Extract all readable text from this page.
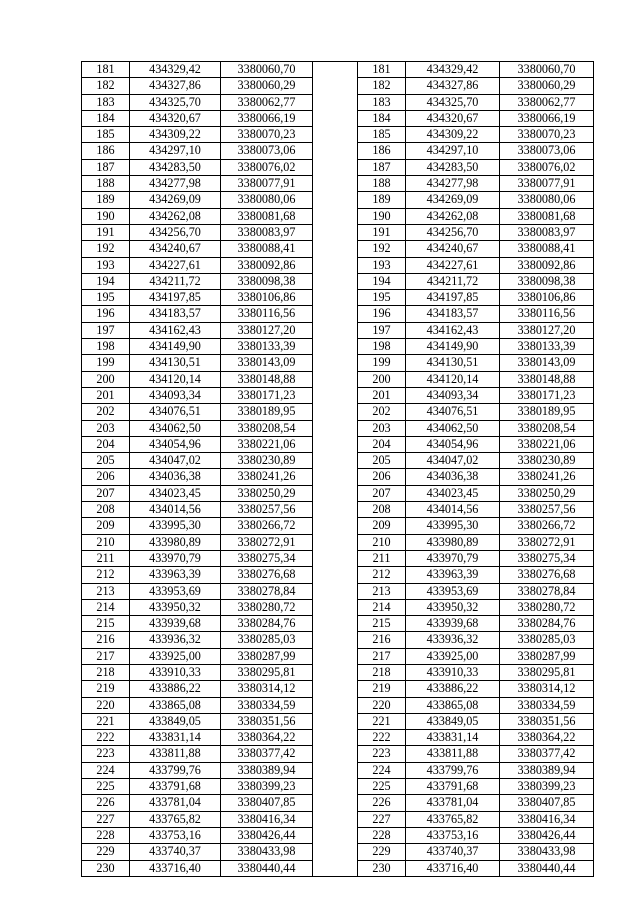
181	434329,42	3380060,70		181	434329,42	3380060,70
182	434327,86	3380060,29		182	434327,86	3380060,29
183	434325,70	3380062,77		183	434325,70	3380062,77
184	434320,67	3380066,19		184	434320,67	3380066,19
185	434309,22	3380070,23		185	434309,22	3380070,23
186	434297,10	3380073,06		186	434297,10	3380073,06
187	434283,50	3380076,02		187	434283,50	3380076,02
188	434277,98	3380077,91		188	434277,98	3380077,91
189	434269,09	3380080,06		189	434269,09	3380080,06
190	434262,08	3380081,68		190	434262,08	3380081,68
191	434256,70	3380083,97		191	434256,70	3380083,97
192	434240,67	3380088,41		192	434240,67	3380088,41
193	434227,61	3380092,86		193	434227,61	3380092,86
194	434211,72	3380098,38		194	434211,72	3380098,38
195	434197,85	3380106,86		195	434197,85	3380106,86
196	434183,57	3380116,56		196	434183,57	3380116,56
197	434162,43	3380127,20		197	434162,43	3380127,20
198	434149,90	3380133,39		198	434149,90	3380133,39
199	434130,51	3380143,09		199	434130,51	3380143,09
200	434120,14	3380148,88		200	434120,14	3380148,88
201	434093,34	3380171,23		201	434093,34	3380171,23
202	434076,51	3380189,95		202	434076,51	3380189,95
203	434062,50	3380208,54		203	434062,50	3380208,54
204	434054,96	3380221,06		204	434054,96	3380221,06
205	434047,02	3380230,89		205	434047,02	3380230,89
206	434036,38	3380241,26		206	434036,38	3380241,26
207	434023,45	3380250,29		207	434023,45	3380250,29
208	434014,56	3380257,56		208	434014,56	3380257,56
209	433995,30	3380266,72		209	433995,30	3380266,72
210	433980,89	3380272,91		210	433980,89	3380272,91
211	433970,79	3380275,34		211	433970,79	3380275,34
212	433963,39	3380276,68		212	433963,39	3380276,68
213	433953,69	3380278,84		213	433953,69	3380278,84
214	433950,32	3380280,72		214	433950,32	3380280,72
215	433939,68	3380284,76		215	433939,68	3380284,76
216	433936,32	3380285,03		216	433936,32	3380285,03
217	433925,00	3380287,99		217	433925,00	3380287,99
218	433910,33	3380295,81		218	433910,33	3380295,81
219	433886,22	3380314,12		219	433886,22	3380314,12
220	433865,08	3380334,59		220	433865,08	3380334,59
221	433849,05	3380351,56		221	433849,05	3380351,56
222	433831,14	3380364,22		222	433831,14	3380364,22
223	433811,88	3380377,42		223	433811,88	3380377,42
224	433799,76	3380389,94		224	433799,76	3380389,94
225	433791,68	3380399,23		225	433791,68	3380399,23
226	433781,04	3380407,85		226	433781,04	3380407,85
227	433765,82	3380416,34		227	433765,82	3380416,34
228	433753,16	3380426,44		228	433753,16	3380426,44
229	433740,37	3380433,98		229	433740,37	3380433,98
230	433716,40	3380440,44		230	433716,40	3380440,44
